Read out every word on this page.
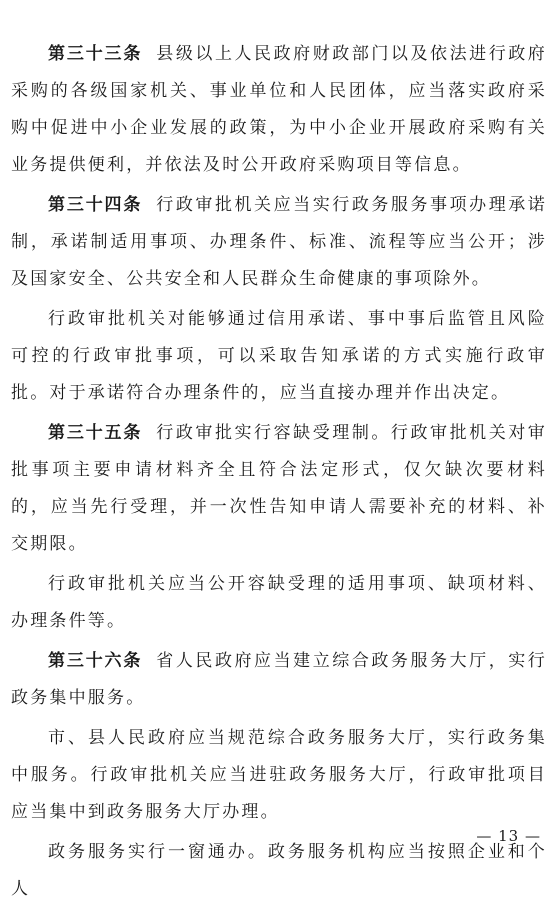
第三十三条 县级以上人民政府财政部门以及依法进行政府采购的各级国家机关、事业单位和人民团体，应当落实政府采购中促进中小企业发展的政策，为中小企业开展政府采购有关业务提供便利，并依法及时公开政府采购项目等信息。

第三十四条 行政审批机关应当实行政务服务事项办理承诺制，承诺制适用事项、办理条件、标准、流程等应当公开；涉及国家安全、公共安全和人民群众生命健康的事项除外。

行政审批机关对能够通过信用承诺、事中事后监管且风险可控的行政审批事项，可以采取告知承诺的方式实施行政审批。对于承诺符合办理条件的，应当直接办理并作出决定。

第三十五条 行政审批实行容缺受理制。行政审批机关对审批事项主要申请材料齐全且符合法定形式，仅欠缺次要材料的，应当先行受理，并一次性告知申请人需要补充的材料、补交期限。

行政审批机关应当公开容缺受理的适用事项、缺项材料、办理条件等。

第三十六条 省人民政府应当建立综合政务服务大厅，实行政务集中服务。

市、县人民政府应当规范综合政务服务大厅，实行政务集中服务。行政审批机关应当进驻政务服务大厅，行政审批项目应当集中到政务服务大厅办理。

政务服务实行一窗通办。政务服务机构应当按照企业和个人

— 13 —
